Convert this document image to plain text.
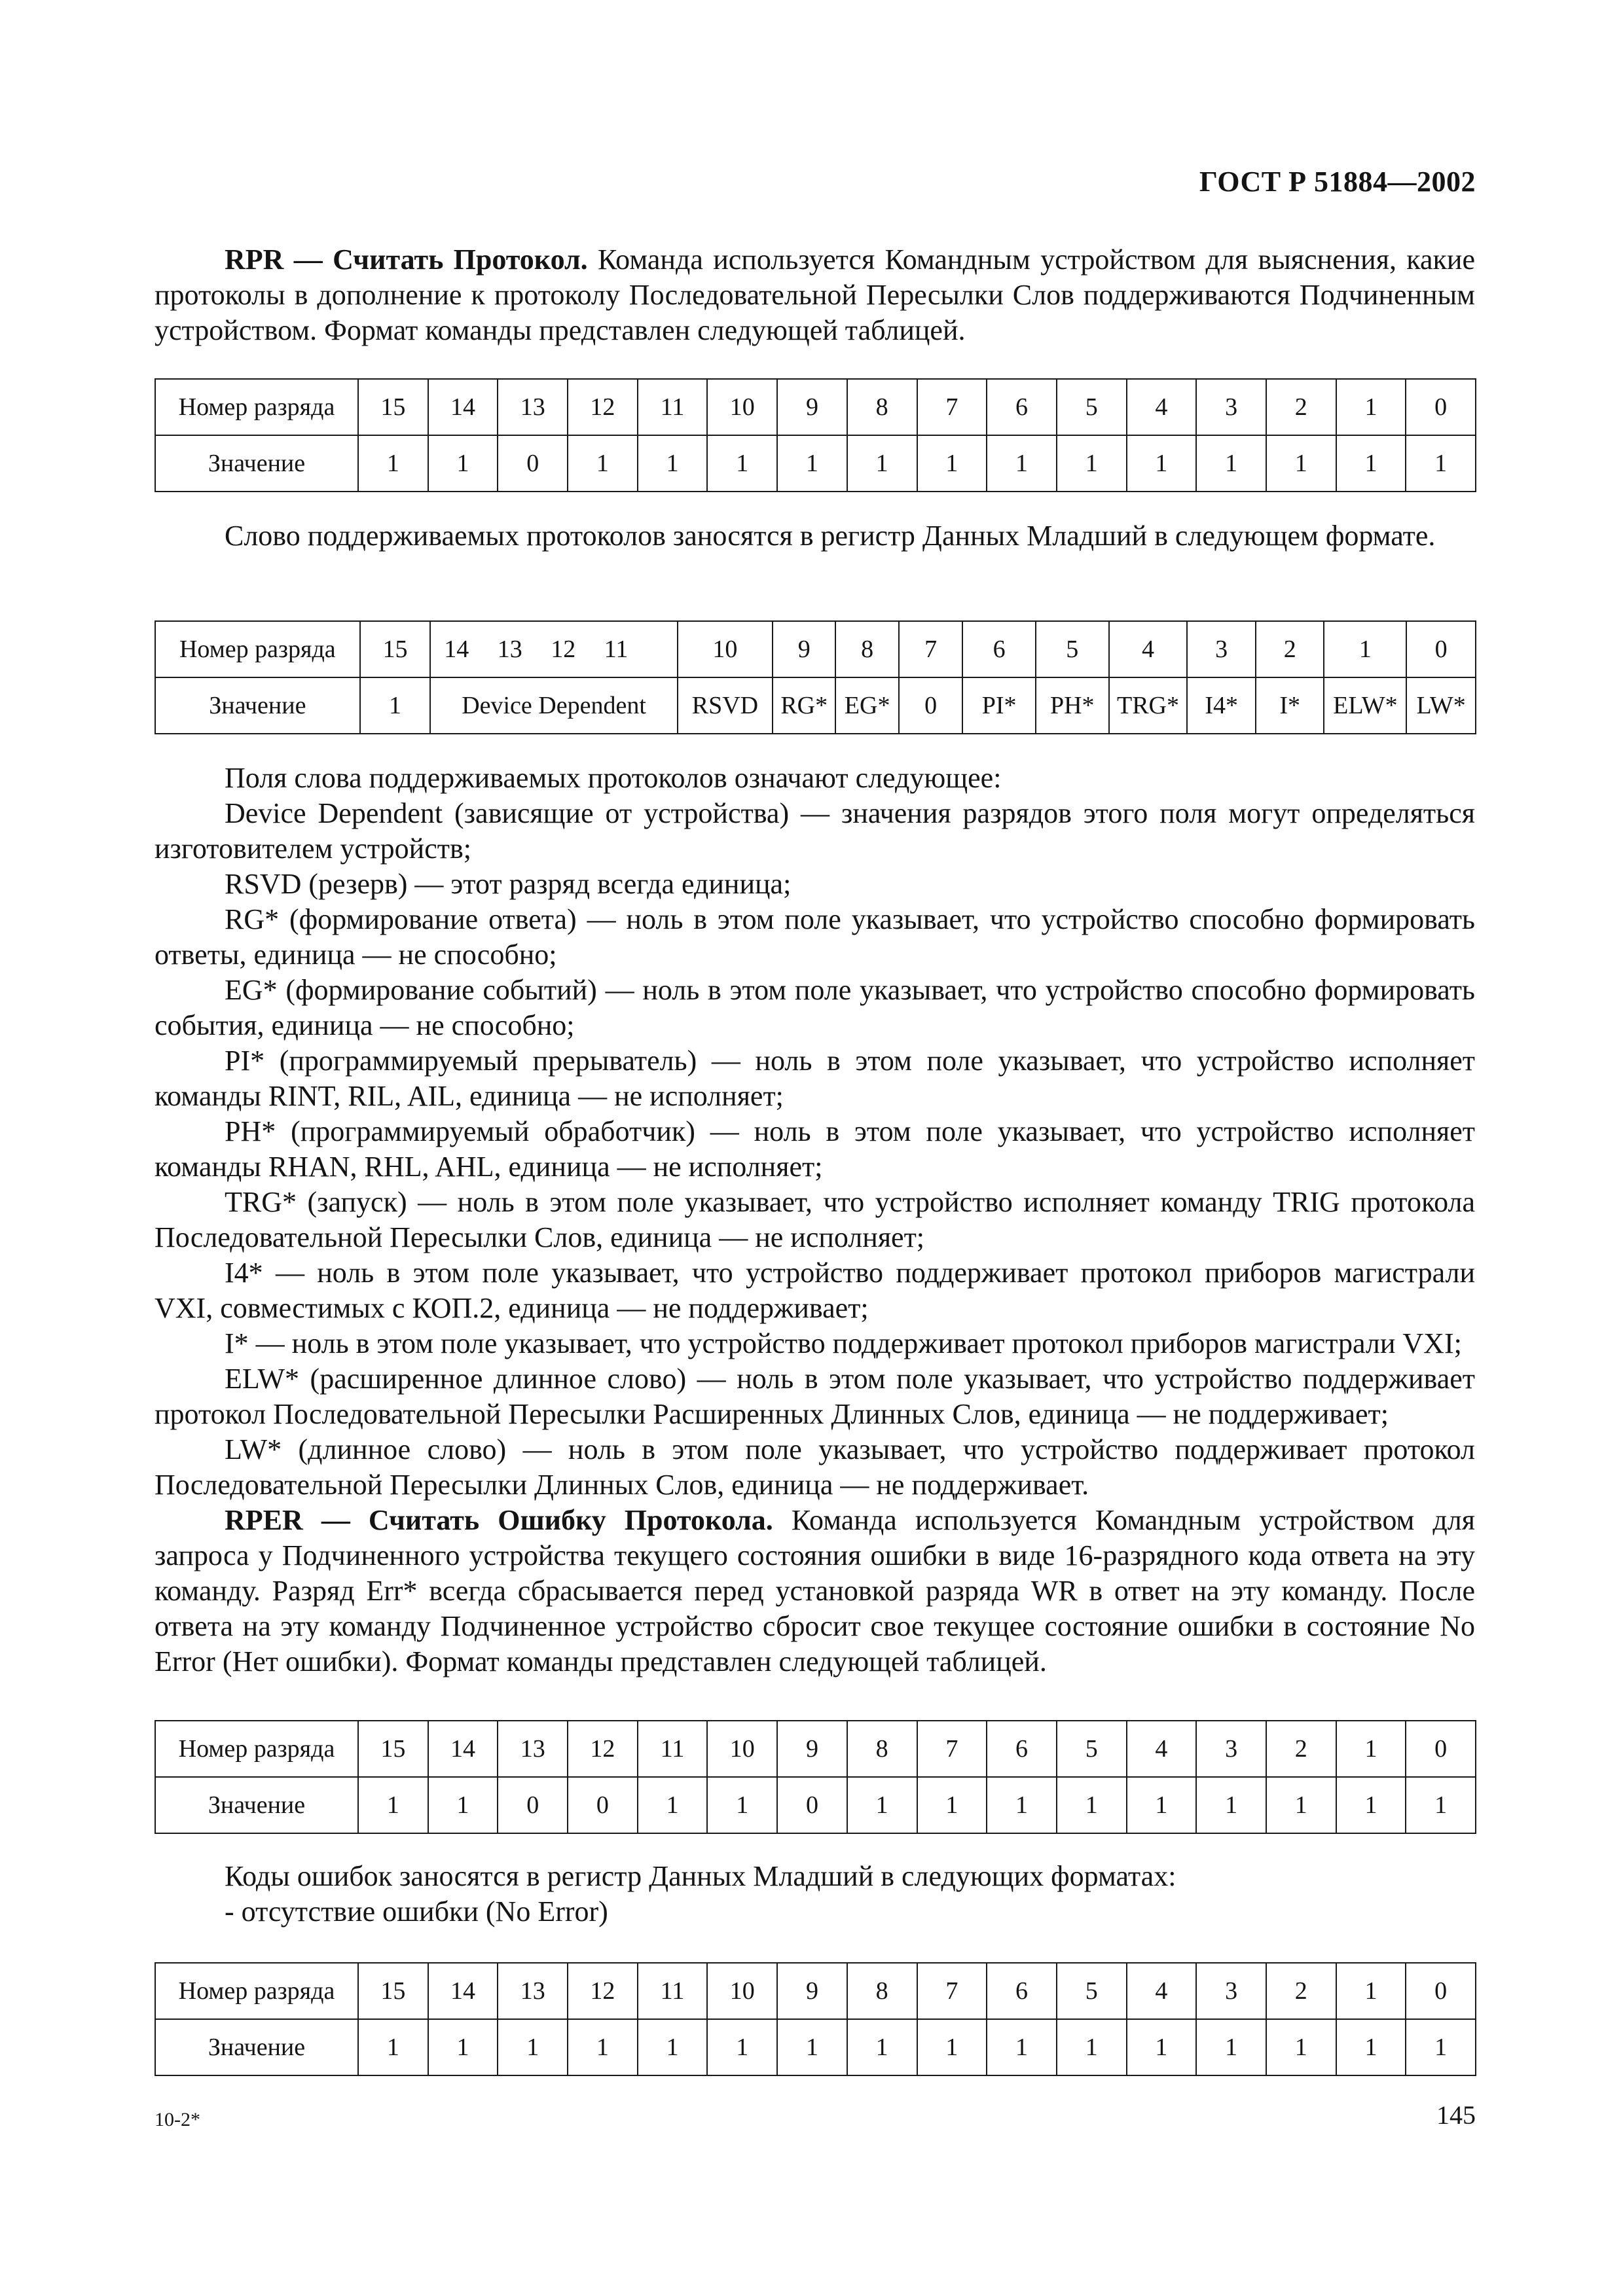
ГОСТ Р 51884—2002

RPR — Считать Протокол. Команда используется Командным устройством для выяснения, какие протоколы в дополнение к протоколу Последовательной Пересылки Слов поддерживаются Подчиненным устройством. Формат команды представлен следующей таблицей.

Номер разряда	15	14	13	12	11	10	9	8	7	6	5	4	3	2	1	0
Значение	1	1	0	1	1	1	1	1	1	1	1	1	1	1	1	1

Слово поддерживаемых протоколов заносятся в регистр Данных Младший в следующем формате.

Номер разряда	15	14 13 12 11	10	9	8	7	6	5	4	3	2	1	0
Значение	1	Device Dependent	RSVD	RG*	EG*	0	PI*	PH*	TRG*	I4*	I*	ELW*	LW*

Поля слова поддерживаемых протоколов означают следующее:

Device Dependent (зависящие от устройства) — значения разрядов этого поля могут определяться изготовителем устройств;

RSVD (резерв) — этот разряд всегда единица;

RG* (формирование ответа) — ноль в этом поле указывает, что устройство способно формировать ответы, единица — не способно;

EG* (формирование событий) — ноль в этом поле указывает, что устройство способно формировать события, единица — не способно;

PI* (программируемый прерыватель) — ноль в этом поле указывает, что устройство исполняет команды RINT, RIL, AIL, единица — не исполняет;

PH* (программируемый обработчик) — ноль в этом поле указывает, что устройство исполняет команды RHAN, RHL, AHL, единица — не исполняет;

TRG* (запуск) — ноль в этом поле указывает, что устройство исполняет команду TRIG протокола Последовательной Пересылки Слов, единица — не исполняет;

I4* — ноль в этом поле указывает, что устройство поддерживает протокол приборов магистрали VXI, совместимых с КОП.2, единица — не поддерживает;

I* — ноль в этом поле указывает, что устройство поддерживает протокол приборов магистрали VXI;

ELW* (расширенное длинное слово) — ноль в этом поле указывает, что устройство поддерживает протокол Последовательной Пересылки Расширенных Длинных Слов, единица — не поддерживает;

LW* (длинное слово) — ноль в этом поле указывает, что устройство поддерживает протокол Последовательной Пересылки Длинных Слов, единица — не поддерживает.

RPER — Считать Ошибку Протокола. Команда используется Командным устройством для запроса у Подчиненного устройства текущего состояния ошибки в виде 16-разрядного кода ответа на эту команду. Разряд Err* всегда сбрасывается перед установкой разряда WR в ответ на эту команду. После ответа на эту команду Подчиненное устройство сбросит свое текущее состояние ошибки в состояние No Error (Нет ошибки). Формат команды представлен следующей таблицей.

Номер разряда	15	14	13	12	11	10	9	8	7	6	5	4	3	2	1	0
Значение	1	1	0	0	1	1	0	1	1	1	1	1	1	1	1	1

Коды ошибок заносятся в регистр Данных Младший в следующих форматах:

- отсутствие ошибки (No Error)

Номер разряда	15	14	13	12	11	10	9	8	7	6	5	4	3	2	1	0
Значение	1	1	1	1	1	1	1	1	1	1	1	1	1	1	1	1
10-2*	145
